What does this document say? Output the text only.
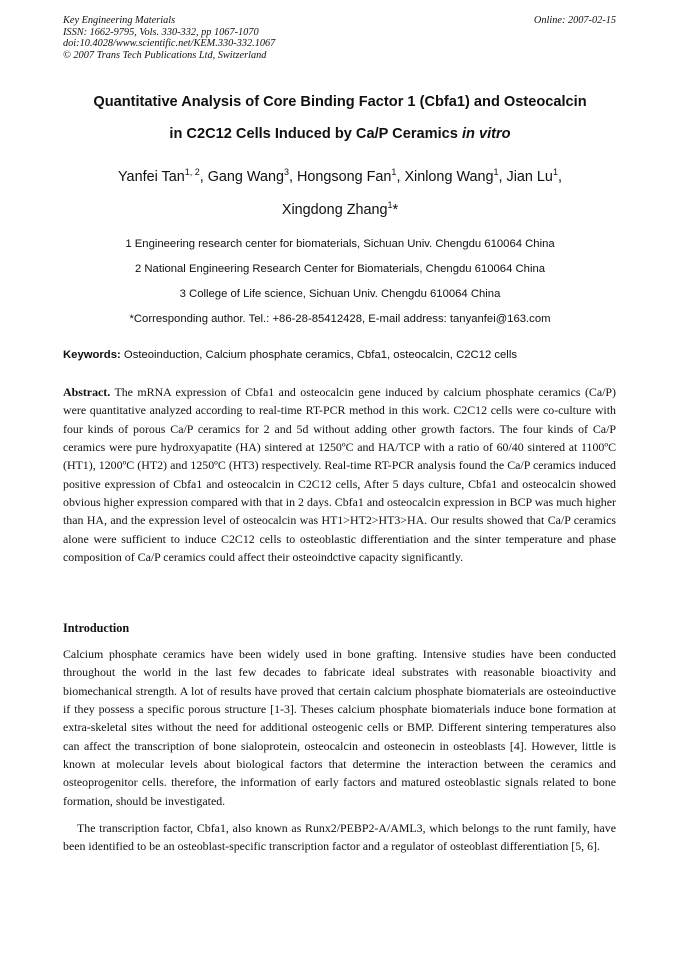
Key Engineering Materials
ISSN: 1662-9795, Vols. 330-332, pp 1067-1070
doi:10.4028/www.scientific.net/KEM.330-332.1067
© 2007 Trans Tech Publications Ltd, Switzerland
Online: 2007-02-15
Quantitative Analysis of Core Binding Factor 1 (Cbfa1) and Osteocalcin
in C2C12 Cells Induced by Ca/P Ceramics in vitro
Yanfei Tan$^{1, 2}$, Gang Wang$^3$, Hongsong Fan$^1$, Xinlong Wang$^1$, Jian Lu$^1$,
Xingdong Zhang$^1$*
1 Engineering research center for biomaterials, Sichuan Univ. Chengdu 610064 China
2 National Engineering Research Center for Biomaterials, Chengdu 610064 China
3 College of Life science, Sichuan Univ. Chengdu 610064 China
*Corresponding author. Tel.: +86-28-85412428, E-mail address: tanyanfei@163.com
Keywords: Osteoinduction, Calcium phosphate ceramics, Cbfa1, osteocalcin, C2C12 cells
Abstract. The mRNA expression of Cbfa1 and osteocalcin gene induced by calcium phosphate ceramics (Ca/P) were quantitative analyzed according to real-time RT-PCR method in this work. C2C12 cells were co-culture with four kinds of porous Ca/P ceramics for 2 and 5d without adding other growth factors. The four kinds of Ca/P ceramics were pure hydroxyapatite (HA) sintered at 1250ºC and HA/TCP with a ratio of 60/40 sintered at 1100ºC (HT1), 1200ºC (HT2) and 1250ºC (HT3) respectively. Real-time RT-PCR analysis found the Ca/P ceramics induced positive expression of Cbfa1 and osteocalcin in C2C12 cells, After 5 days culture, Cbfa1 and osteocalcin showed obvious higher expression compared with that in 2 days. Cbfa1 and osteocalcin expression in BCP was much higher than HA, and the expression level of osteocalcin was HT1>HT2>HT3>HA. Our results showed that Ca/P ceramics alone were sufficient to induce C2C12 cells to osteoblastic differentiation and the sinter temperature and phase composition of Ca/P ceramics could affect their osteoindctive capacity significantly.
Introduction
Calcium phosphate ceramics have been widely used in bone grafting. Intensive studies have been conducted throughout the world in the last few decades to fabricate ideal substrates with reasonable bioactivity and biomechanical strength. A lot of results have proved that certain calcium phosphate biomaterials are osteoinductive if they possess a specific porous structure [1-3]. Theses calcium phosphate biomaterials induce bone formation at extra-skeletal sites without the need for additional osteogenic cells or BMP. Different sintering temperatures also can affect the transcription of bone sialoprotein, osteocalcin and osteonecin in osteoblasts [4]. However, little is known at molecular levels about biological factors that determine the interaction between the ceramics and osteoprogenitor cells. therefore, the information of early factors and matured osteoblastic signals related to bone formation, should be investigated.
The transcription factor, Cbfa1, also known as Runx2/PEBP2-A/AML3, which belongs to the runt family, have been identified to be an osteoblast-specific transcription factor and a regulator of osteoblast differentiation [5, 6].
